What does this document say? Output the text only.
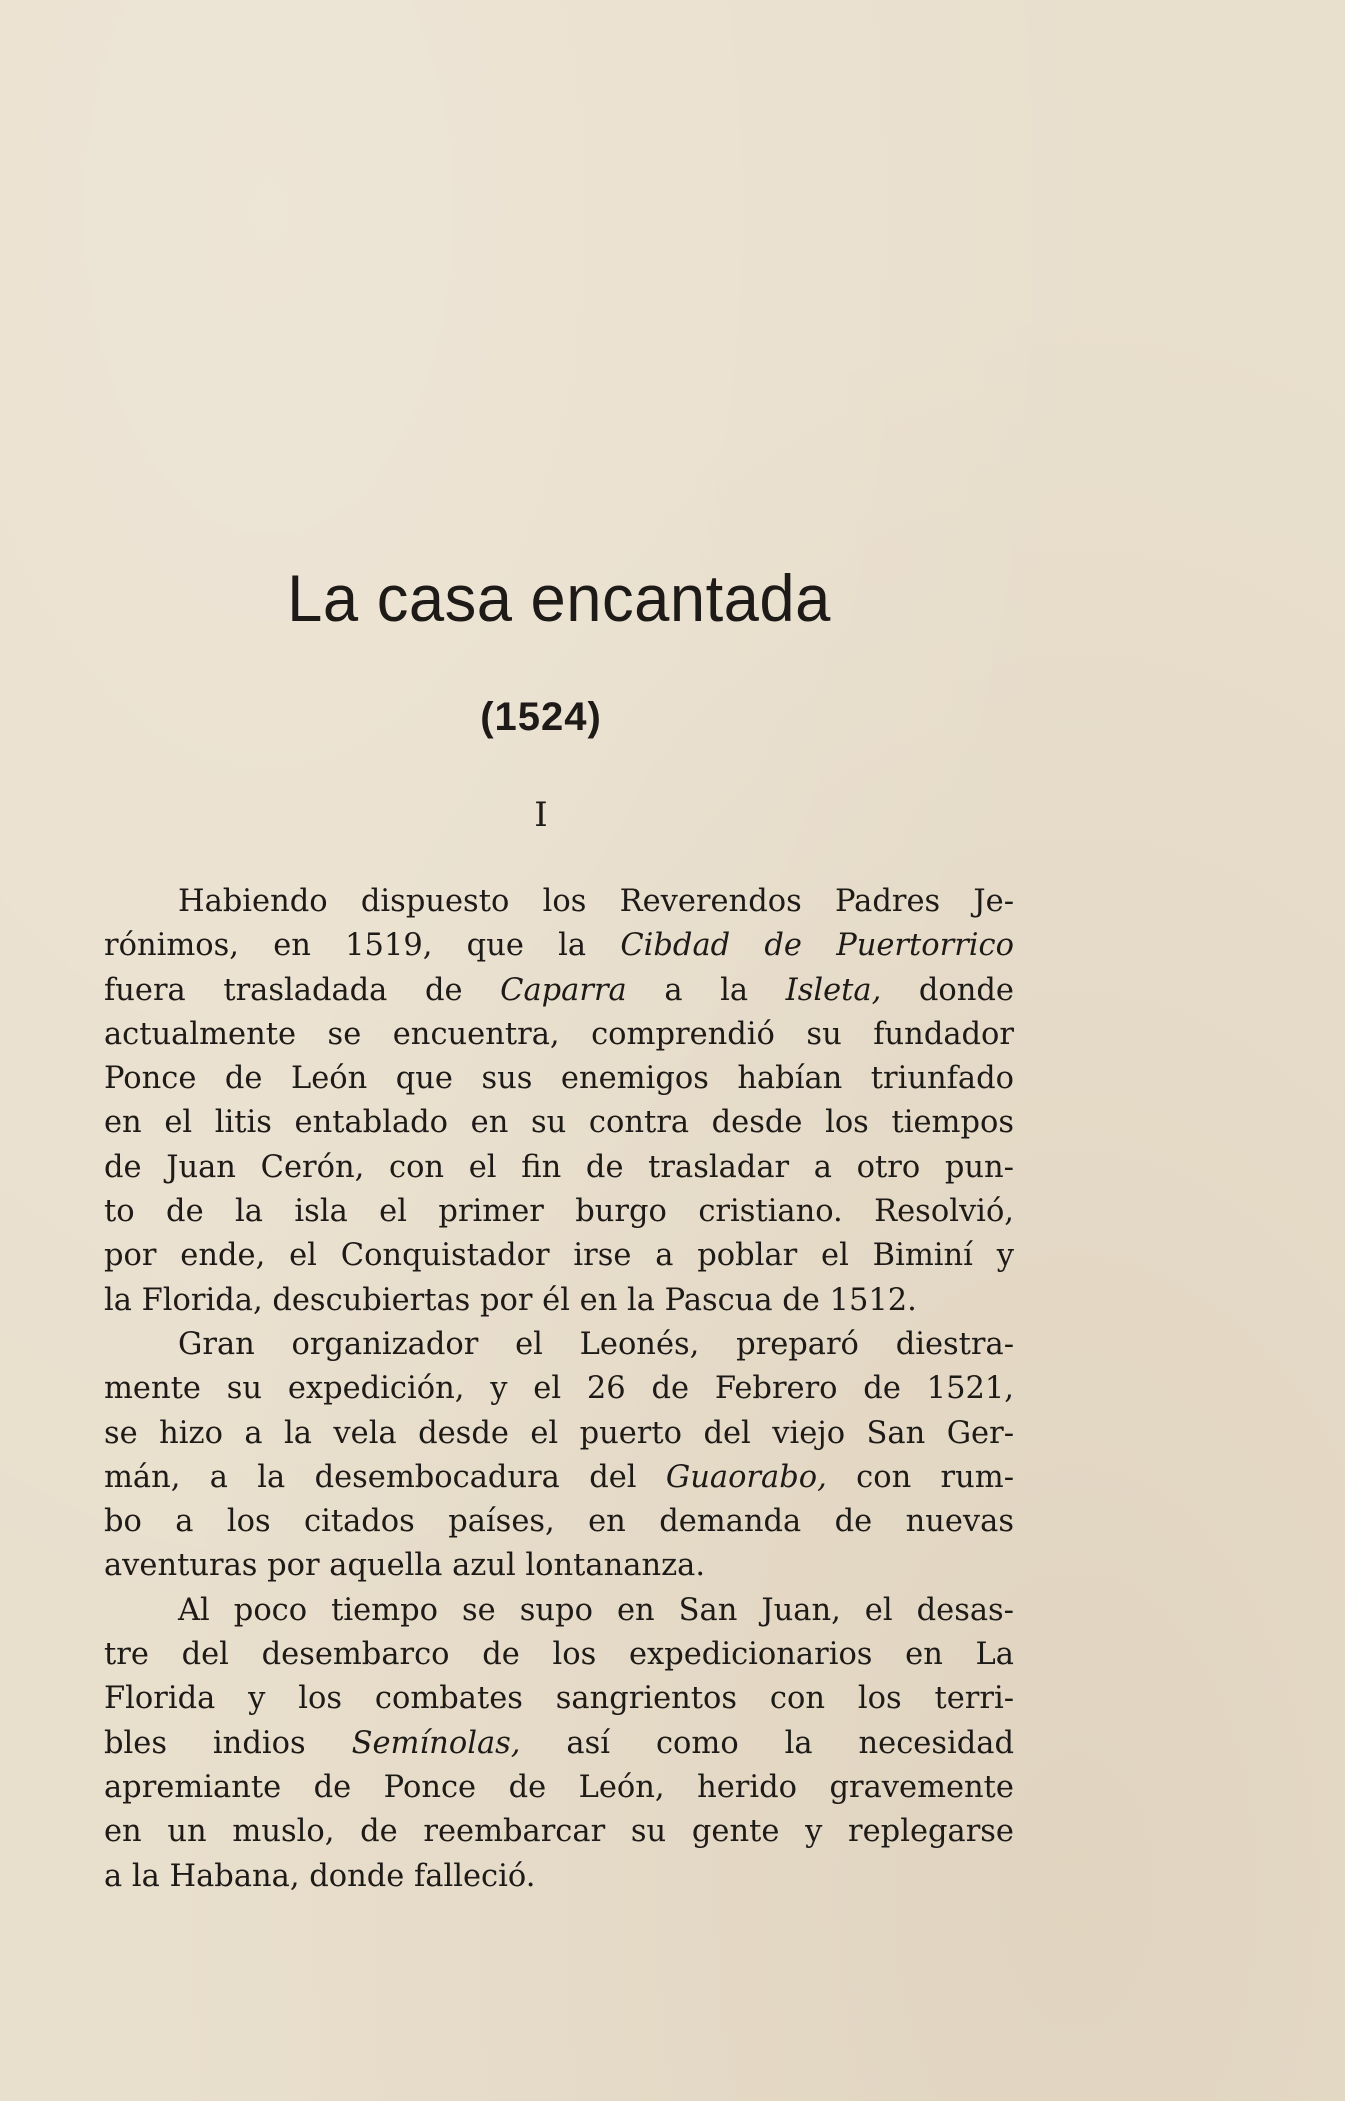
La casa encantada
(1524)
I
Habiendo dispuesto los Reverendos Padres Je-
rónimos, en 1519, que la Cibdad de Puertorrico
fuera trasladada de Caparra a la Isleta, donde
actualmente se encuentra, comprendió su fundador
Ponce de León que sus enemigos habían triunfado
en el litis entablado en su contra desde los tiempos
de Juan Cerón, con el fin de trasladar a otro pun-
to de la isla el primer burgo cristiano. Resolvió,
por ende, el Conquistador irse a poblar el Biminí y
la Florida, descubiertas por él en la Pascua de 1512.
Gran organizador el Leonés, preparó diestra-
mente su expedición, y el 26 de Febrero de 1521,
se hizo a la vela desde el puerto del viejo San Ger-
mán, a la desembocadura del Guaorabo, con rum-
bo a los citados países, en demanda de nuevas
aventuras por aquella azul lontananza.
Al poco tiempo se supo en San Juan, el desas-
tre del desembarco de los expedicionarios en La
Florida y los combates sangrientos con los terri-
bles indios Semínolas, así como la necesidad
apremiante de Ponce de León, herido gravemente
en un muslo, de reembarcar su gente y replegarse
a la Habana, donde falleció.
